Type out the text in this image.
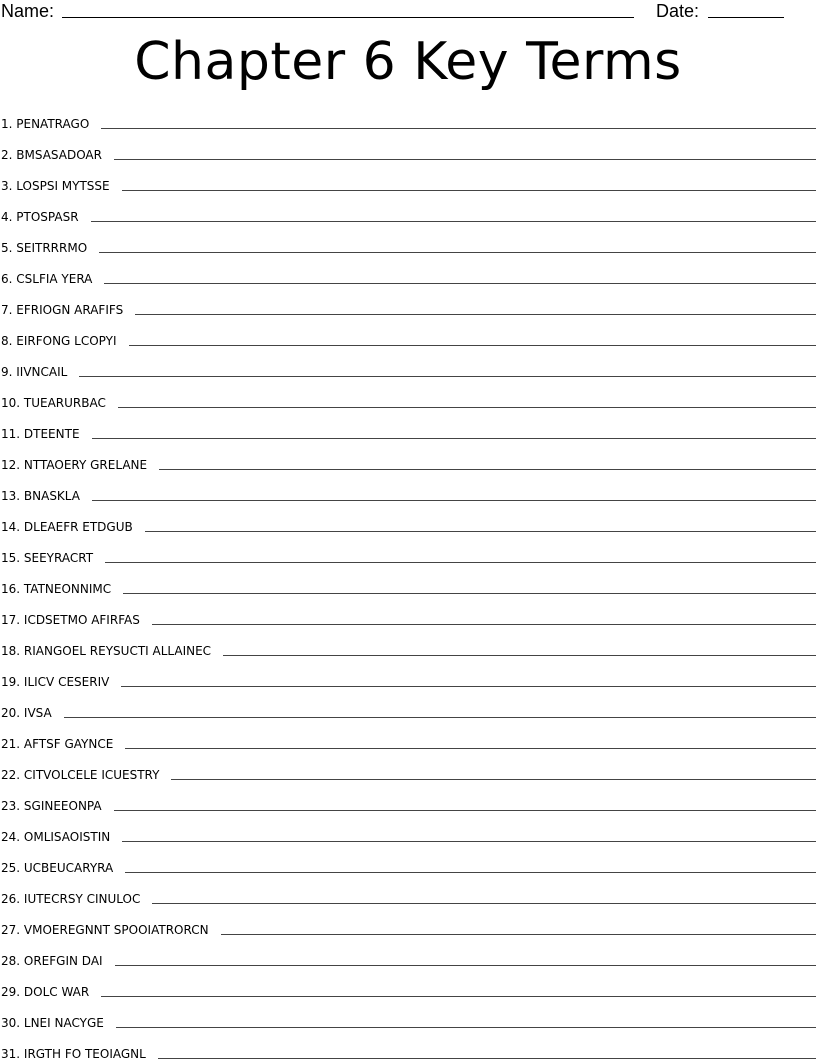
Name:	Date:
Chapter 6 Key Terms
1. PENATRAGO
2. BMSASADOAR
3. LOSPSI MYTSSE
4. PTOSPASR
5. SEITRRRMO
6. CSLFIA YERA
7. EFRIOGN ARAFIFS
8. EIRFONG LCOPYI
9. IIVNCAIL
10. TUEARURBAC
11. DTEENTE
12. NTTAOERY GRELANE
13. BNASKLA
14. DLEAEFR ETDGUB
15. SEEYRACRT
16. TATNEONNIMC
17. ICDSETMO AFIRFAS
18. RIANGOEL REYSUCTI ALLAINEC
19. ILICV CESERIV
20. IVSA
21. AFTSF GAYNCE
22. CITVOLCELE ICUESTRY
23. SGINEEONPA
24. OMLISAOISTIN
25. UCBEUCARYRA
26. IUTECRSY CINULOC
27. VMOEREGNNT SPOOIATRORCN
28. OREFGIN DAI
29. DOLC WAR
30. LNEI NACYGE
31. IRGTH FO TEOIAGNL
